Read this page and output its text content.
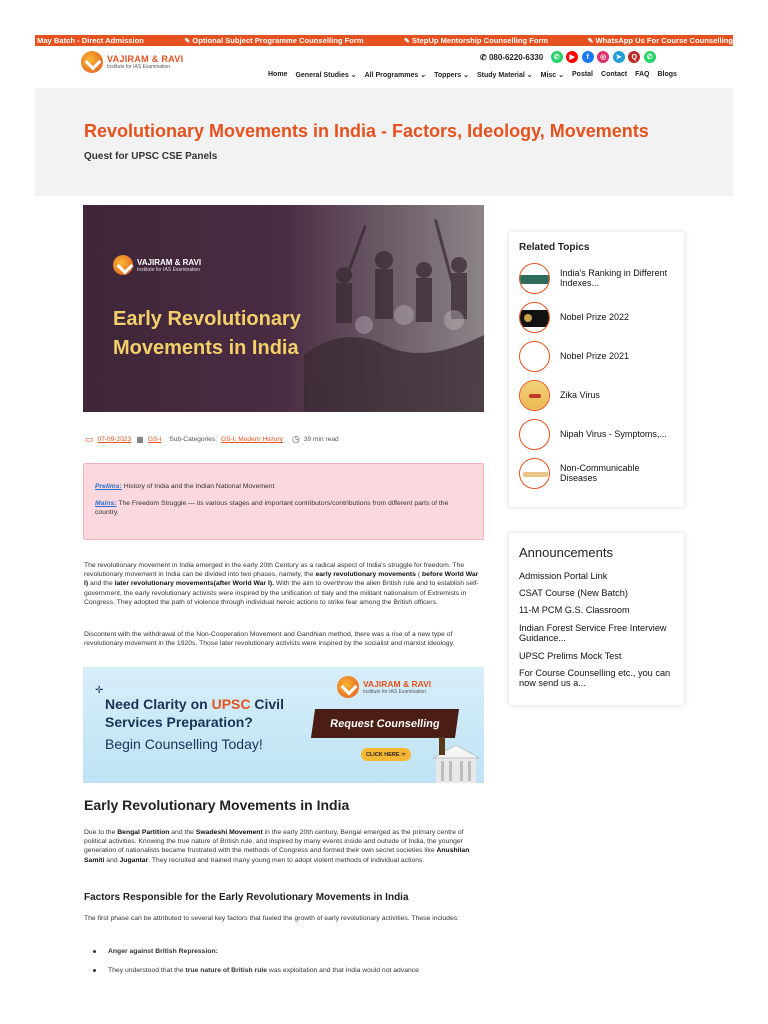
May Batch - Direct Admission	✎ Optional Subject Programme Counselling Form	✎ StepUp Mentorship Counselling Form	✎ WhatsApp Us For Course Counselling
VAJIRAM & RAVI
Institute for IAS Examination
✆ 080-6220-6330	✆	▶	f	◎	➤	Q	✆
Home General Studies ⌄ All Programmes ⌄ Toppers ⌄ Study Material ⌄ Misc ⌄ Postal Contact FAQ Blogs
Revolutionary Movements in India - Factors, Ideology, Movements
Quest for UPSC CSE Panels
VAJIRAM & RAVI
Institute for IAS Examination
Early Revolutionary
Movements in India
▭ 07-09-2023 ▦ GS-I Sub-Categories: GS-I: Modern History ◷ 39 min read

Prelims: History of India and the Indian National Movement

Mains: The Freedom Struggle — its various stages and important contributors/contributions from different parts of the country.

The revolutionary movement in India emerged in the early 20th Century as a radical aspect of India's struggle for freedom. The revolutionary movement in India can be divided into two phases, namely, the early revolutionary movements ( before World War I) and the later revolutionary movements(after World War I). With the aim to overthrow the alien British rule and to establish self-government, the early revolutionary activists were inspired by the unification of Italy and the militant nationalism of Extremists in Congress. They adopted the path of violence through individual heroic actions to strike fear among the British officers.
Discontent with the withdrawal of the Non-Cooperation Movement and Gandhian method, there was a rise of a new type of revolutionary movement in the 1920s. Those later revolutionary activists were inspired by the socialist and marxist ideology.
✛
Need Clarity on UPSC Civil
Services Preparation?
Begin Counselling Today!
VAJIRAM & RAVI
Institute for IAS Examination
Request Counselling
CLICK HERE ☞
Early Revolutionary Movements in India
Due to the Bengal Partition and the Swadeshi Movement in the early 20th century, Bengal emerged as the primary centre of political activities. Knowing the true nature of British rule, and inspired by many events inside and outside of India, the younger generation of nationalists became frustrated with the methods of Congress and formed their own secret societies like Anushilan Samiti and Jugantar. They recruited and trained many young men to adopt violent methods of individual actions.
Factors Responsible for the Early Revolutionary Movements in India
The first phase can be attributed to several key factors that fueled the growth of early revolutionary activities. These includes:
Anger against British Repression:
They understood that the true nature of British rule was exploitation and that India would not advance
Related Topics
India's Ranking in Different Indexes...
Nobel Prize 2022
Nobel Prize 2021
Zika Virus
Nipah Virus - Symptoms,...
Non-Communicable Diseases
Announcements
Admission Portal Link
CSAT Course (New Batch)
11-M PCM G.S. Classroom
Indian Forest Service Free Interview Guidance...
UPSC Prelims Mock Test
For Course Counselling etc., you can now send us a...
